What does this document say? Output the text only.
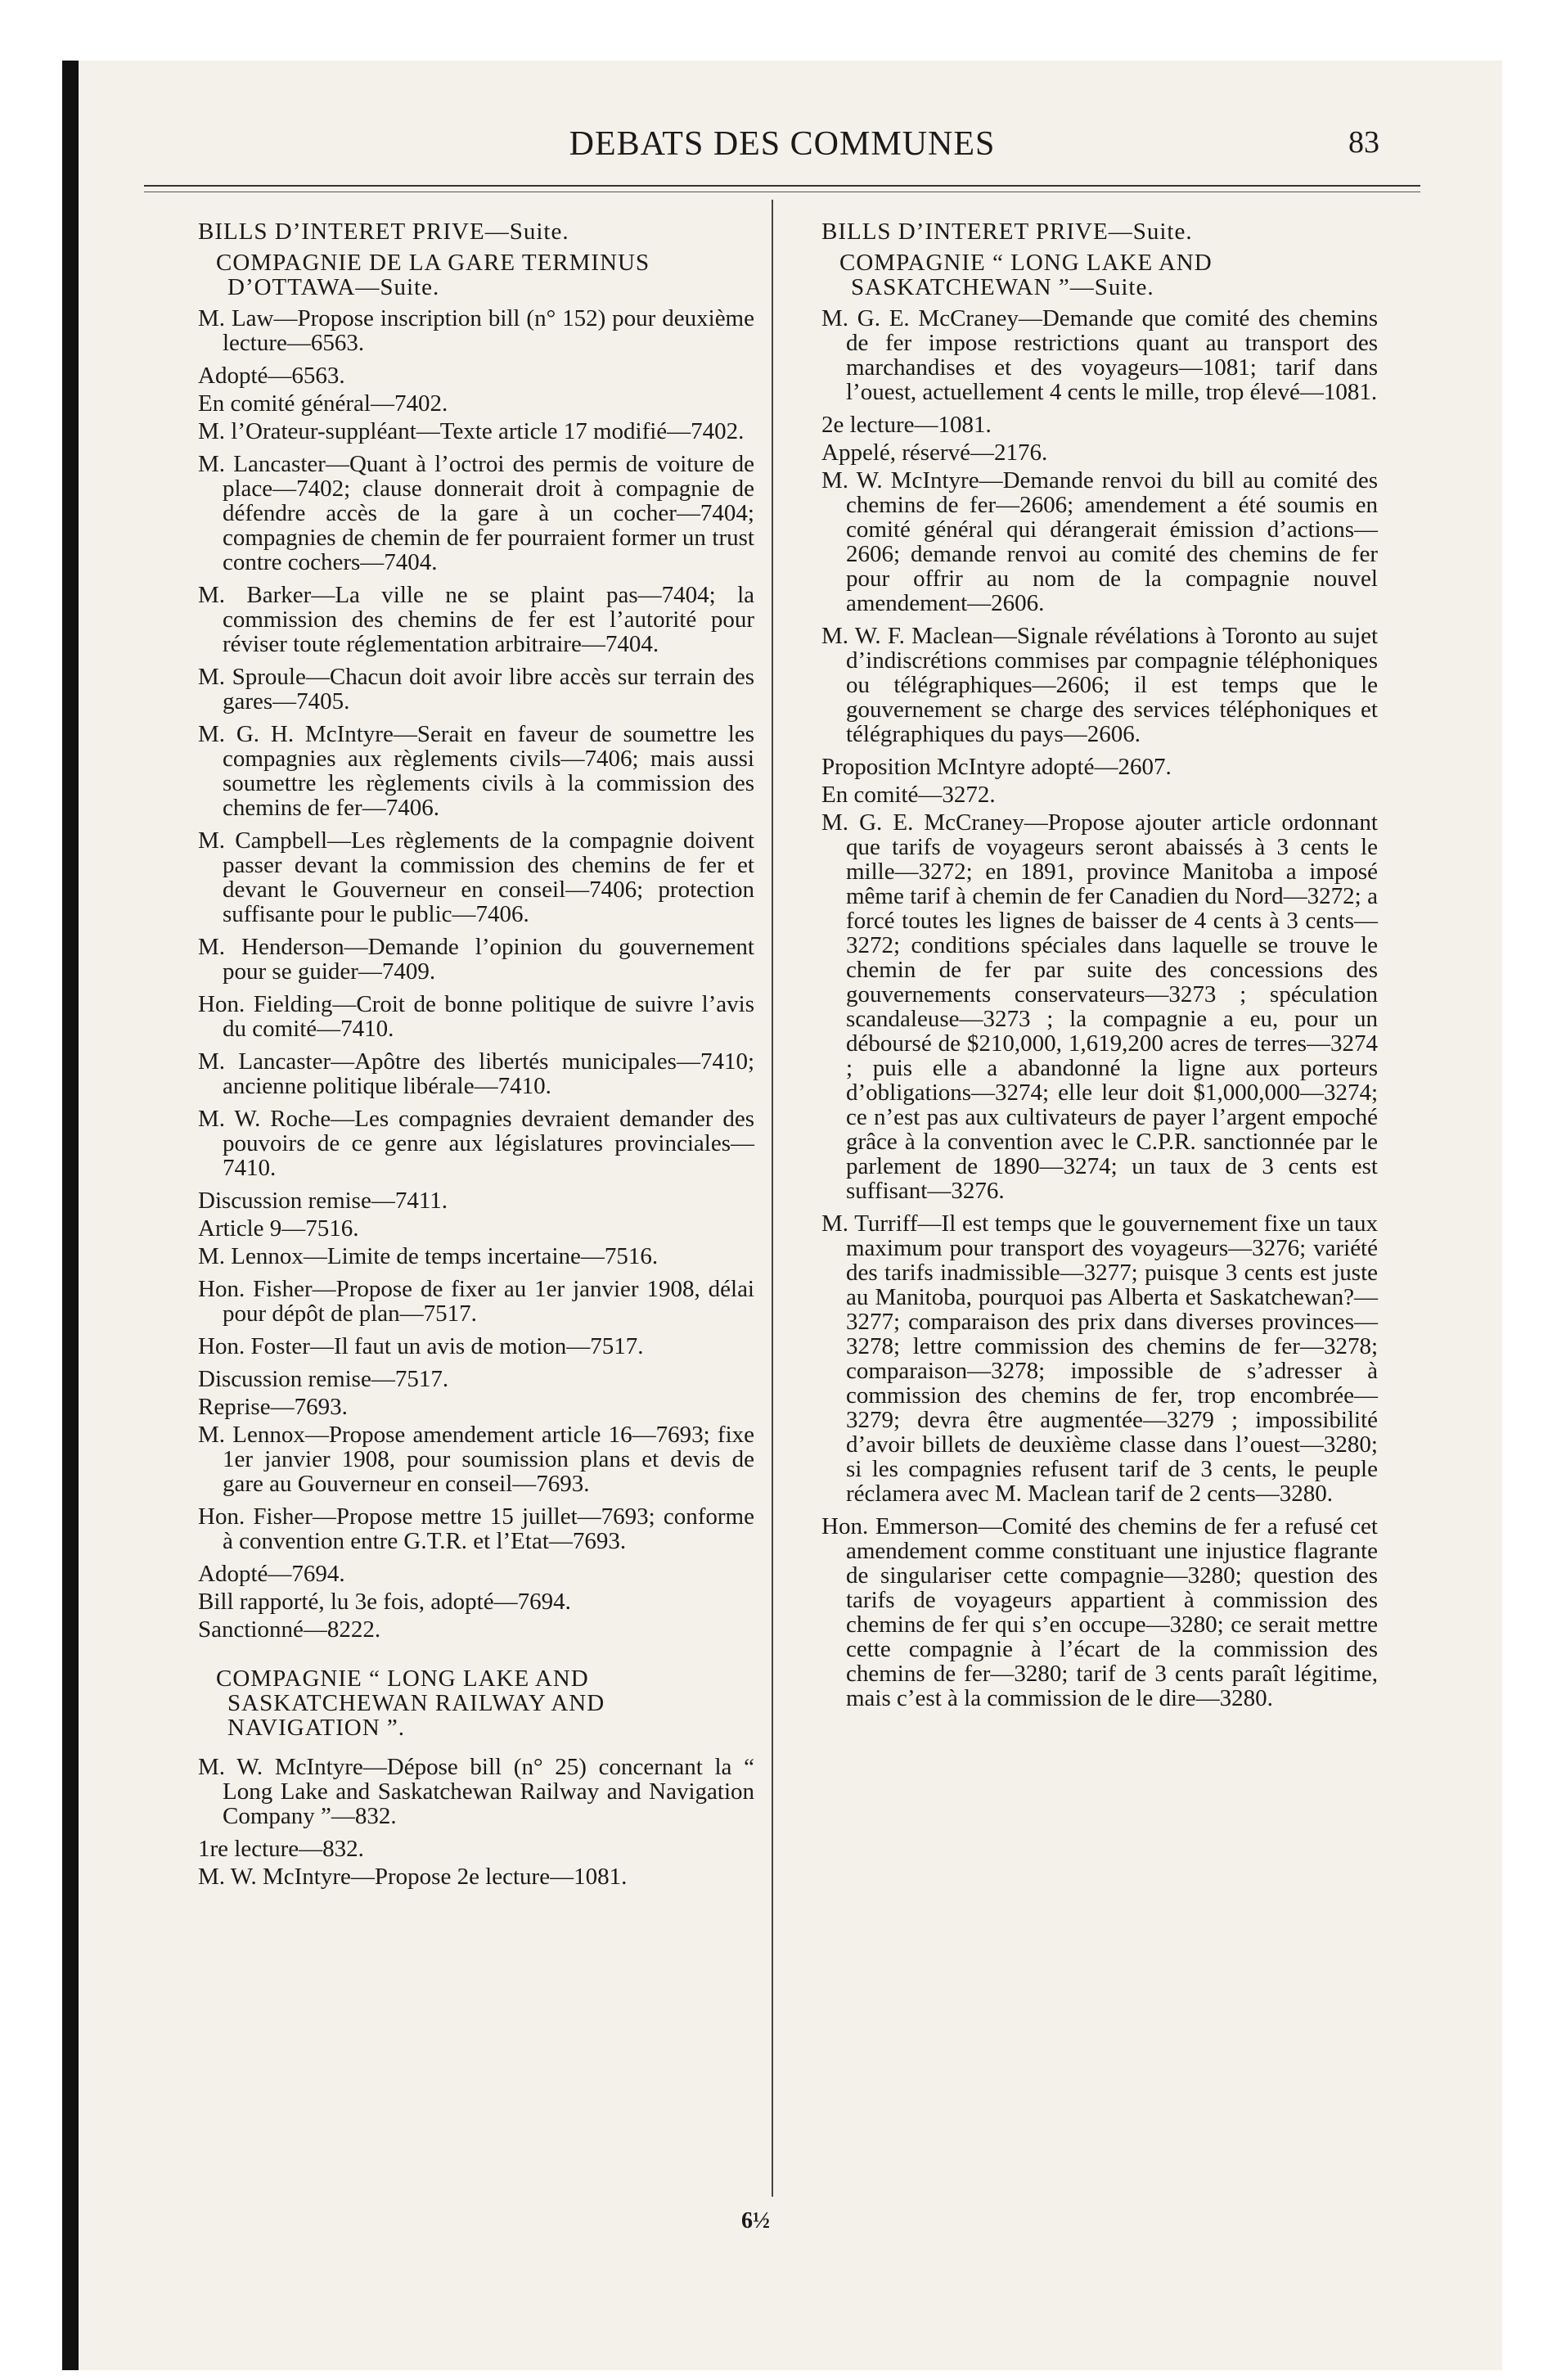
DEBATS DES COMMUNES	83

BILLS D’INTERET PRIVE—Suite.

COMPAGNIE DE LA GARE TERMINUS D’OTTAWA—Suite.

M. Law—Propose inscription bill (n° 152) pour deuxième lecture—6563.

Adopté—6563.

En comité général—7402.

M. l’Orateur-suppléant—Texte article 17 modifié—7402.

M. Lancaster—Quant à l’octroi des permis de voiture de place—7402; clause donnerait droit à compagnie de défendre accès de la gare à un cocher—7404; compagnies de chemin de fer pourraient former un trust contre cochers—7404.

M. Barker—La ville ne se plaint pas—7404; la commission des chemins de fer est l’autorité pour réviser toute réglementation arbitraire—7404.

M. Sproule—Chacun doit avoir libre accès sur terrain des gares—7405.

M. G. H. McIntyre—Serait en faveur de soumettre les compagnies aux règlements civils—7406; mais aussi soumettre les règlements civils à la commission des chemins de fer—7406.

M. Campbell—Les règlements de la compagnie doivent passer devant la commission des chemins de fer et devant le Gouverneur en conseil—7406; protection suffisante pour le public—7406.

M. Henderson—Demande l’opinion du gouvernement pour se guider—7409.

Hon. Fielding—Croit de bonne politique de suivre l’avis du comité—7410.

M. Lancaster—Apôtre des libertés municipales—7410; ancienne politique libérale—7410.

M. W. Roche—Les compagnies devraient demander des pouvoirs de ce genre aux législatures provinciales—7410.

Discussion remise—7411.

Article 9—7516.

M. Lennox—Limite de temps incertaine—7516.

Hon. Fisher—Propose de fixer au 1er janvier 1908, délai pour dépôt de plan—7517.

Hon. Foster—Il faut un avis de motion—7517.

Discussion remise—7517.

Reprise—7693.

M. Lennox—Propose amendement article 16—7693; fixe 1er janvier 1908, pour soumission plans et devis de gare au Gouverneur en conseil—7693.

Hon. Fisher—Propose mettre 15 juillet—7693; conforme à convention entre G.T.R. et l’Etat—7693.

Adopté—7694.

Bill rapporté, lu 3e fois, adopté—7694.

Sanctionné—8222.

COMPAGNIE “ LONG LAKE AND SASKATCHEWAN RAILWAY AND NAVIGATION ”.

M. W. McIntyre—Dépose bill (n° 25) concernant la “ Long Lake and Saskatchewan Railway and Navigation Company ”—832.

1re lecture—832.

M. W. McIntyre—Propose 2e lecture—1081.

BILLS D’INTERET PRIVE—Suite.

COMPAGNIE “ LONG LAKE AND SASKATCHEWAN ”—Suite.

M. G. E. McCraney—Demande que comité des chemins de fer impose restrictions quant au transport des marchandises et des voyageurs—1081; tarif dans l’ouest, actuellement 4 cents le mille, trop élevé—1081.

2e lecture—1081.

Appelé, réservé—2176.

M. W. McIntyre—Demande renvoi du bill au comité des chemins de fer—2606; amendement a été soumis en comité général qui dérangerait émission d’actions—2606; demande renvoi au comité des chemins de fer pour offrir au nom de la compagnie nouvel amendement—2606.

M. W. F. Maclean—Signale révélations à Toronto au sujet d’indiscrétions commises par compagnie téléphoniques ou télégraphiques—2606; il est temps que le gouvernement se charge des services téléphoniques et télégraphiques du pays—2606.

Proposition McIntyre adopté—2607.

En comité—3272.

M. G. E. McCraney—Propose ajouter article ordonnant que tarifs de voyageurs seront abaissés à 3 cents le mille—3272; en 1891, province Manitoba a imposé même tarif à chemin de fer Canadien du Nord—3272; a forcé toutes les lignes de baisser de 4 cents à 3 cents—3272; conditions spéciales dans laquelle se trouve le chemin de fer par suite des concessions des gouvernements conservateurs—3273 ; spéculation scandaleuse—3273 ; la compagnie a eu, pour un déboursé de $210,000, 1,619,200 acres de terres—3274 ; puis elle a abandonné la ligne aux porteurs d’obligations—3274; elle leur doit $1,000,000—3274; ce n’est pas aux cultivateurs de payer l’argent empoché grâce à la convention avec le C.P.R. sanctionnée par le parlement de 1890—3274; un taux de 3 cents est suffisant—3276.

M. Turriff—Il est temps que le gouvernement fixe un taux maximum pour transport des voyageurs—3276; variété des tarifs inadmissible—3277; puisque 3 cents est juste au Manitoba, pourquoi pas Alberta et Saskatchewan?—3277; comparaison des prix dans diverses provinces—3278; lettre commission des chemins de fer—3278; comparaison—3278; impossible de s’adresser à commission des chemins de fer, trop encombrée—3279; devra être augmentée—3279 ; impossibilité d’avoir billets de deuxième classe dans l’ouest—3280; si les compagnies refusent tarif de 3 cents, le peuple réclamera avec M. Maclean tarif de 2 cents—3280.

Hon. Emmerson—Comité des chemins de fer a refusé cet amendement comme constituant une injustice flagrante de singulariser cette compagnie—3280; question des tarifs de voyageurs appartient à commission des chemins de fer qui s’en occupe—3280; ce serait mettre cette compagnie à l’écart de la commission des chemins de fer—3280; tarif de 3 cents paraît légitime, mais c’est à la commission de le dire—3280.

6½
